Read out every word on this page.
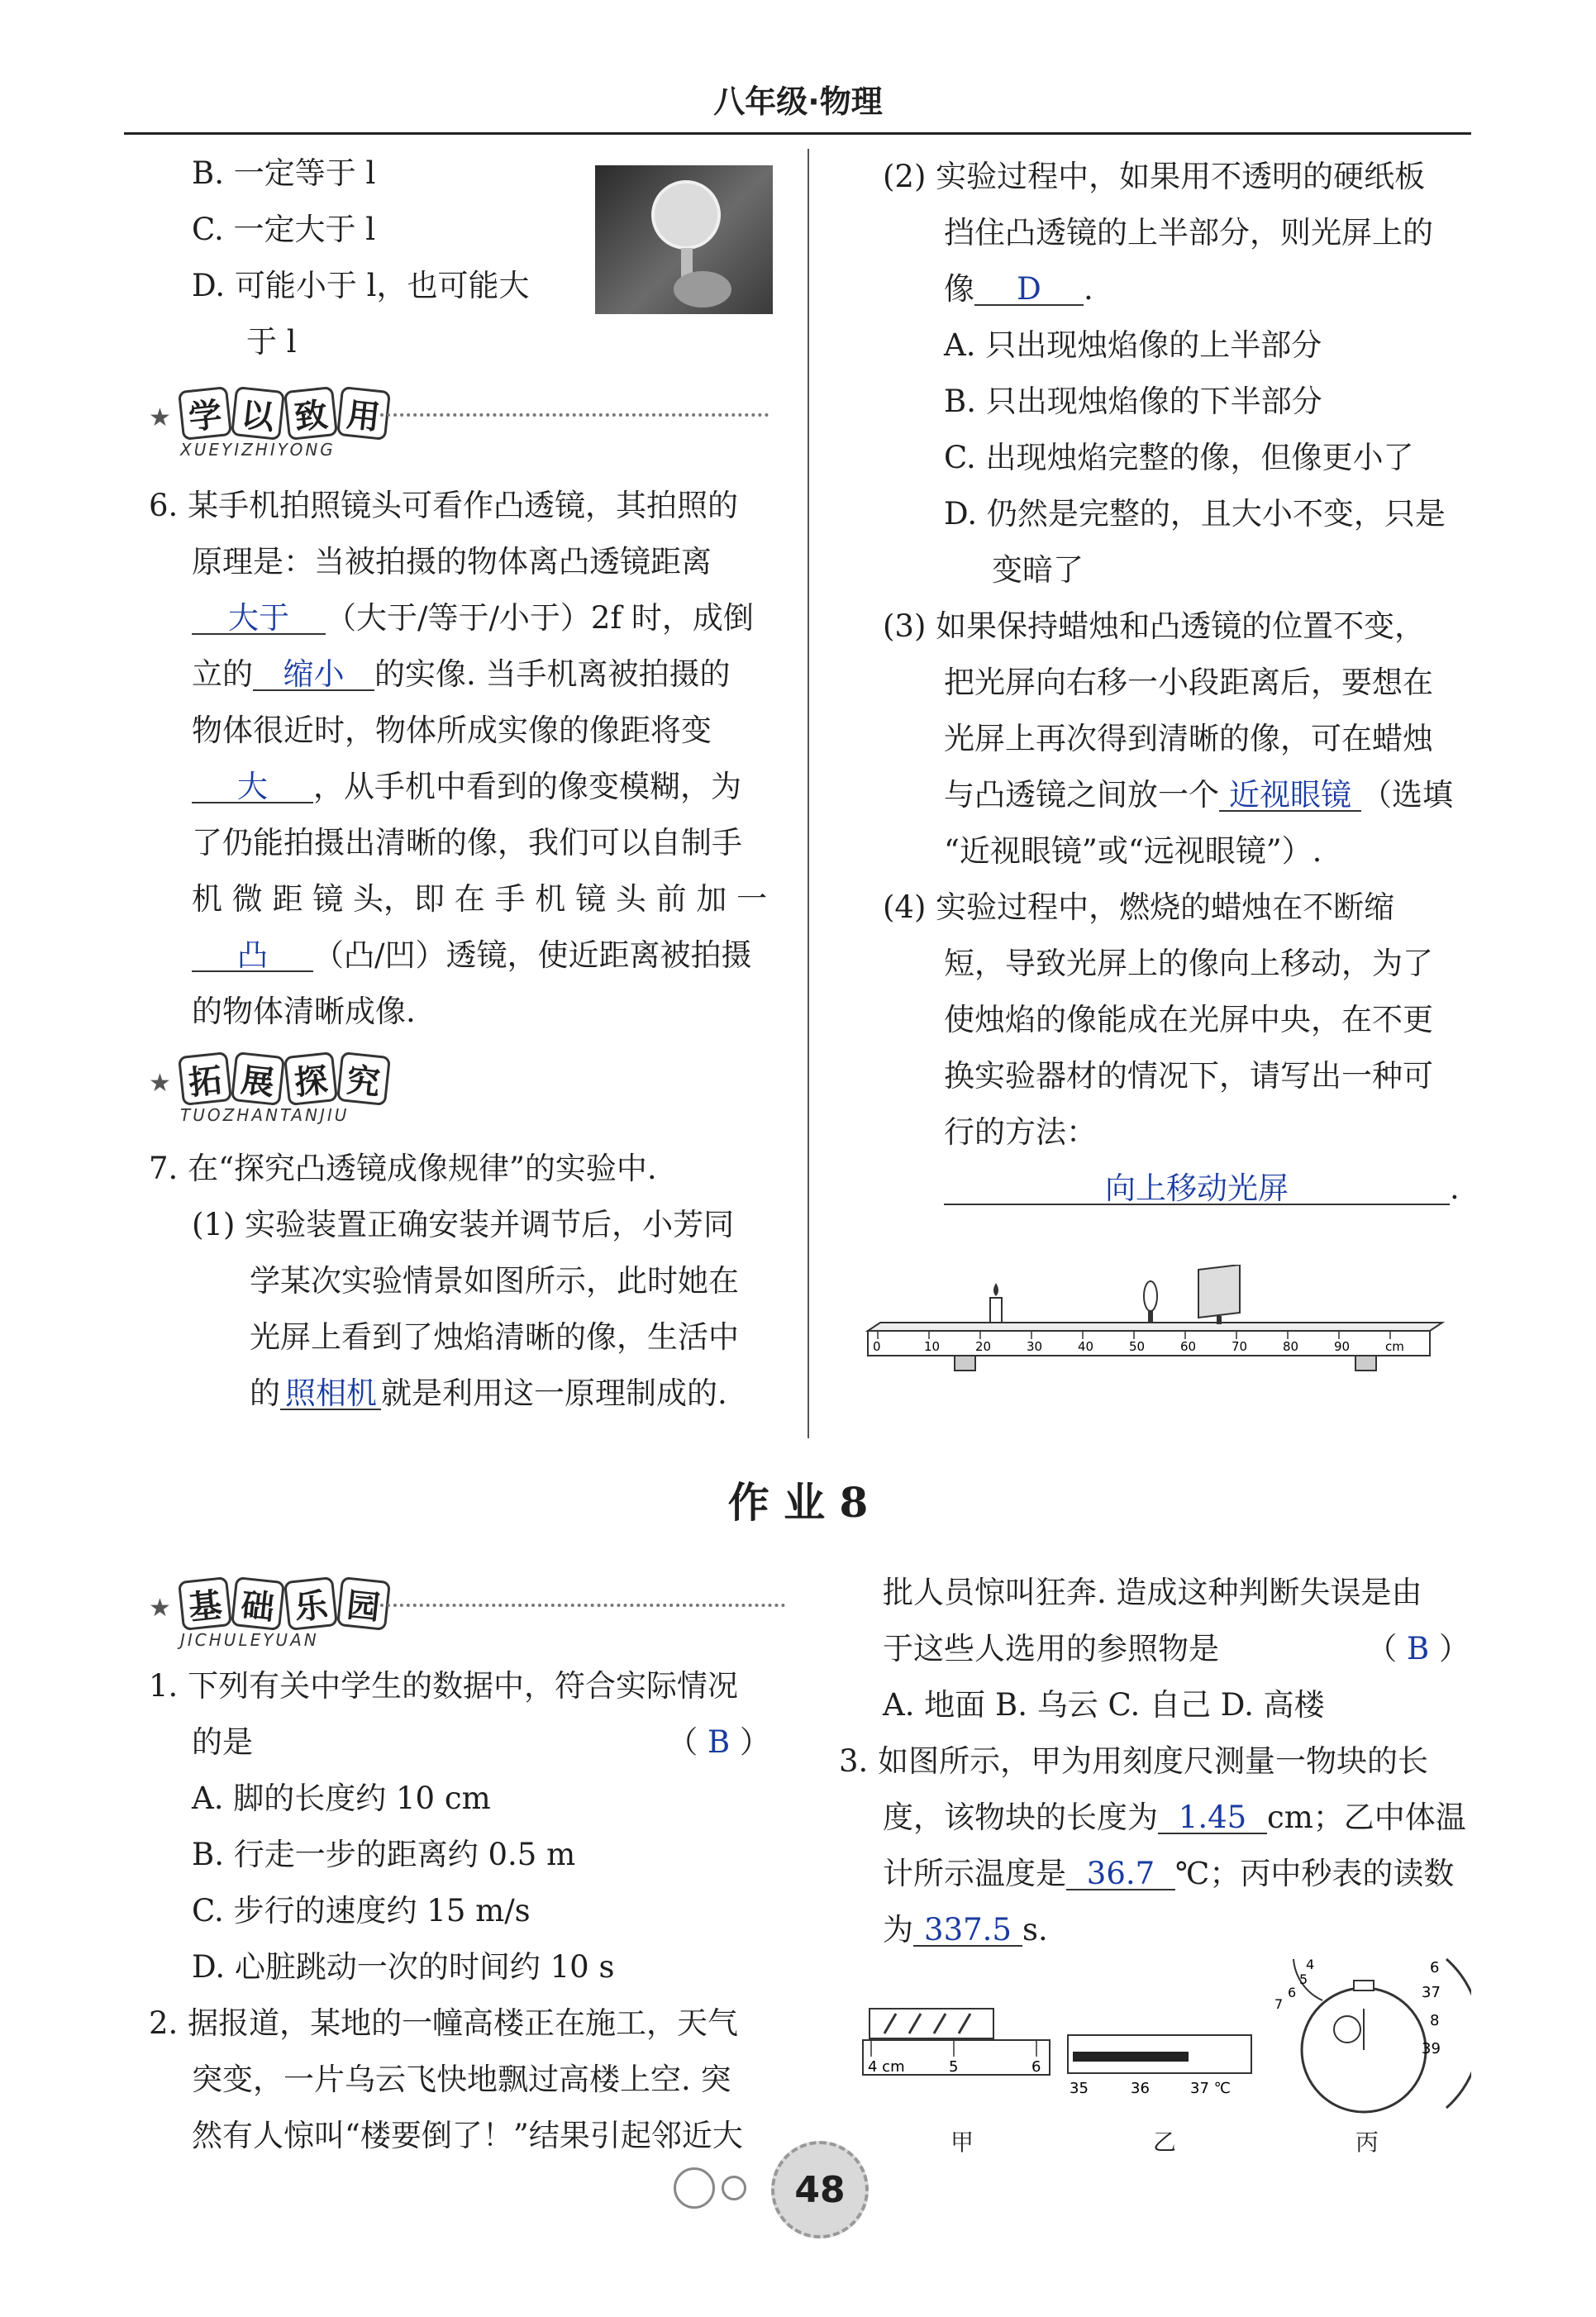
八年级·物理
B. 一定等于 l
C. 一定大于 l
D. 可能小于 l，也可能大
于 l
★ 学 以 致 用
XUEYIZHIYONG
6. 某手机拍照镜头可看作凸透镜，其拍照的
原理是：当被拍摄的物体离凸透镜距离
大于 （大于/等于/小于）2f 时，成倒
立的 缩小 的实像. 当手机离被拍摄的
物体很近时，物体所成实像的像距将变
大 ，从手机中看到的像变模糊，为
了仍能拍摄出清晰的像，我们可以自制手
机 微 距 镜 头，即 在 手 机 镜 头 前 加 一
凸 （凸/凹）透镜，使近距离被拍摄
的物体清晰成像.
★ 拓 展 探 究
TUOZHANTANJIU
7. 在“探究凸透镜成像规律”的实验中.
(1) 实验装置正确安装并调节后，小芳同
学某次实验情景如图所示，此时她在
光屏上看到了烛焰清晰的像，生活中
的 照相机 就是利用这一原理制成的.
(2) 实验过程中，如果用不透明的硬纸板
挡住凸透镜的上半部分，则光屏上的
像 D .
A. 只出现烛焰像的上半部分
B. 只出现烛焰像的下半部分
C. 出现烛焰完整的像，但像更小了
D. 仍然是完整的，且大小不变，只是
变暗了
(3) 如果保持蜡烛和凸透镜的位置不变，
把光屏向右移一小段距离后，要想在
光屏上再次得到清晰的像，可在蜡烛
与凸透镜之间放一个 近视眼镜 （选填
“近视眼镜”或“远视眼镜”）.
(4) 实验过程中，燃烧的蜡烛在不断缩
短，导致光屏上的像向上移动，为了
使烛焰的像能成在光屏中央，在不更
换实验器材的情况下，请写出一种可
行的方法：
向上移动光屏	.
0	10	20	30	40	50	60	70	80	90	cm
作 业 8
★ 基 础 乐 园
JICHULEYUAN
1. 下列有关中学生的数据中，符合实际情况
的是	（ B ）
A. 脚的长度约 10 cm
B. 行走一步的距离约 0.5 m
C. 步行的速度约 15 m/s
D. 心脏跳动一次的时间约 10 s
2. 据报道，某地的一幢高楼正在施工，天气
突变，一片乌云飞快地飘过高楼上空. 突
然有人惊叫“楼要倒了！”结果引起邻近大
批人员惊叫狂奔. 造成这种判断失误是由
于这些人选用的参照物是	（ B ）
A. 地面 B. 乌云 C. 自己 D. 高楼
3. 如图所示，甲为用刻度尺测量一物块的长
度，该物块的长度为 1.45 cm；乙中体温
计所示温度是 36.7 ℃；丙中秒表的读数
为 337.5 s.
4 cm	5	6
35	36	37 ℃
4
5
6
7
6
37
8
39
甲	乙	丙
48
